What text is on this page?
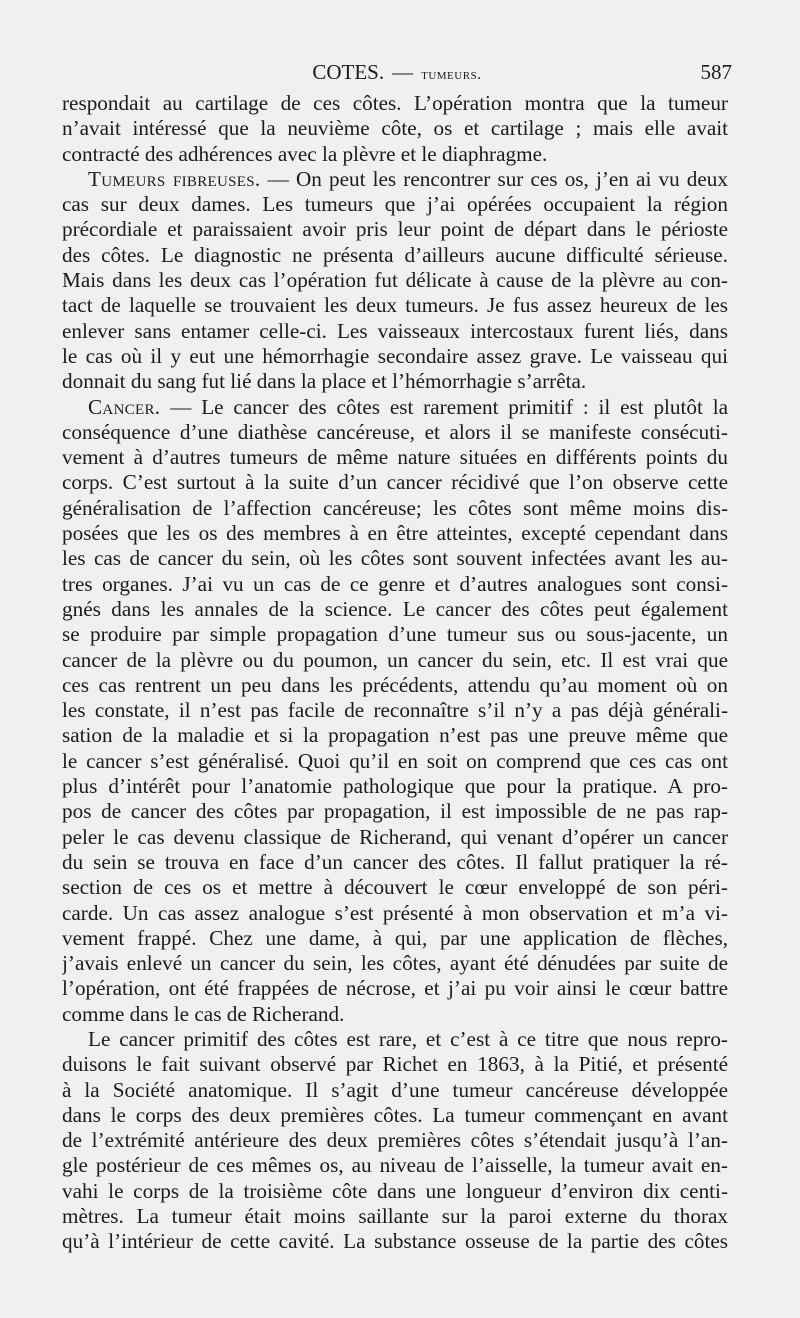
COTES. — tumeurs.	587
respondait au cartilage de ces côtes. L’opération montra que la tumeur
n’avait intéressé que la neuvième côte, os et cartilage ; mais elle avait
contracté des adhérences avec la plèvre et le diaphragme.
Tumeurs fibreuses. — On peut les rencontrer sur ces os, j’en ai vu deux
cas sur deux dames. Les tumeurs que j’ai opérées occupaient la région
précordiale et paraissaient avoir pris leur point de départ dans le périoste
des côtes. Le diagnostic ne présenta d’ailleurs aucune difficulté sérieuse.
Mais dans les deux cas l’opération fut délicate à cause de la plèvre au con-
tact de laquelle se trouvaient les deux tumeurs. Je fus assez heureux de les
enlever sans entamer celle-ci. Les vaisseaux intercostaux furent liés, dans
le cas où il y eut une hémorrhagie secondaire assez grave. Le vaisseau qui
donnait du sang fut lié dans la place et l’hémorrhagie s’arrêta.
Cancer. — Le cancer des côtes est rarement primitif : il est plutôt la
conséquence d’une diathèse cancéreuse, et alors il se manifeste consécuti-
vement à d’autres tumeurs de même nature situées en différents points du
corps. C’est surtout à la suite d’un cancer récidivé que l’on observe cette
généralisation de l’affection cancéreuse; les côtes sont même moins dis-
posées que les os des membres à en être atteintes, excepté cependant dans
les cas de cancer du sein, où les côtes sont souvent infectées avant les au-
tres organes. J’ai vu un cas de ce genre et d’autres analogues sont consi-
gnés dans les annales de la science. Le cancer des côtes peut également
se produire par simple propagation d’une tumeur sus ou sous-jacente, un
cancer de la plèvre ou du poumon, un cancer du sein, etc. Il est vrai que
ces cas rentrent un peu dans les précédents, attendu qu’au moment où on
les constate, il n’est pas facile de reconnaître s’il n’y a pas déjà générali-
sation de la maladie et si la propagation n’est pas une preuve même que
le cancer s’est généralisé. Quoi qu’il en soit on comprend que ces cas ont
plus d’intérêt pour l’anatomie pathologique que pour la pratique. A pro-
pos de cancer des côtes par propagation, il est impossible de ne pas rap-
peler le cas devenu classique de Richerand, qui venant d’opérer un cancer
du sein se trouva en face d’un cancer des côtes. Il fallut pratiquer la ré-
section de ces os et mettre à découvert le cœur enveloppé de son péri-
carde. Un cas assez analogue s’est présenté à mon observation et m’a vi-
vement frappé. Chez une dame, à qui, par une application de flèches,
j’avais enlevé un cancer du sein, les côtes, ayant été dénudées par suite de
l’opération, ont été frappées de nécrose, et j’ai pu voir ainsi le cœur battre
comme dans le cas de Richerand.
Le cancer primitif des côtes est rare, et c’est à ce titre que nous repro-
duisons le fait suivant observé par Richet en 1863, à la Pitié, et présenté
à la Société anatomique. Il s’agit d’une tumeur cancéreuse développée
dans le corps des deux premières côtes. La tumeur commençant en avant
de l’extrémité antérieure des deux premières côtes s’étendait jusqu’à l’an-
gle postérieur de ces mêmes os, au niveau de l’aisselle, la tumeur avait en-
vahi le corps de la troisième côte dans une longueur d’environ dix centi-
mètres. La tumeur était moins saillante sur la paroi externe du thorax
qu’à l’intérieur de cette cavité. La substance osseuse de la partie des côtes
